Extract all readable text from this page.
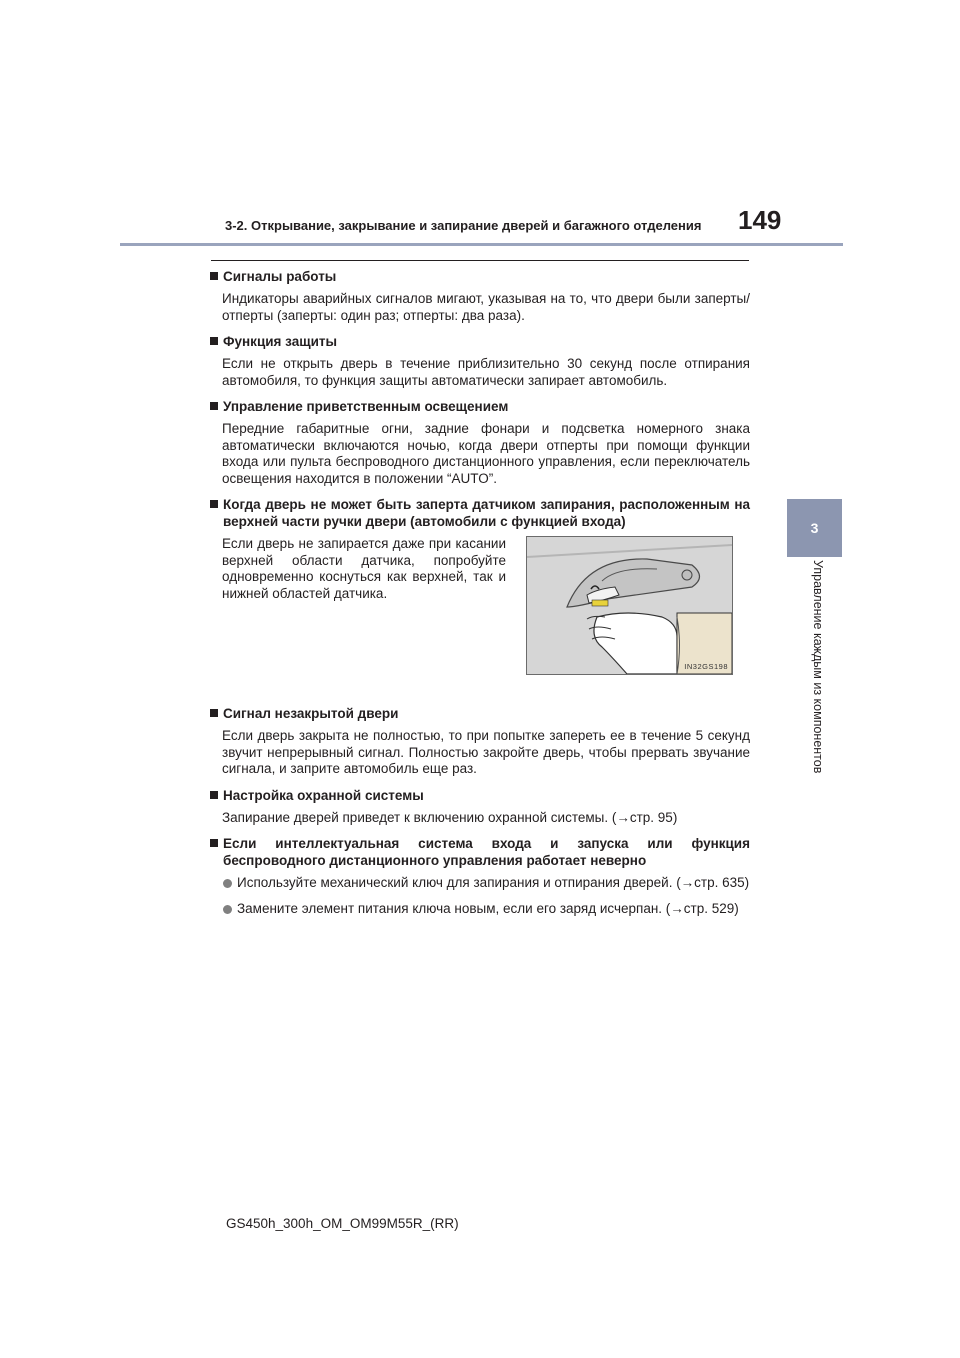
3-2. Открывание, закрывание и запирание дверей и багажного отделения 149
3
Управление каждым из компонентов
Сигналы работы
Индикаторы аварийных сигналов мигают, указывая на то, что двери были заперты/отперты (заперты: один раз; отперты: два раза).
Функция защиты
Если не открыть дверь в течение приблизительно 30 секунд после отпирания автомобиля, то функция защиты автоматически запирает автомобиль.
Управление приветственным освещением
Передние габаритные огни, задние фонари и подсветка номерного знака автоматически включаются ночью, когда двери отперты при помощи функции входа или пульта беспроводного дистанционного управления, если переключатель освещения находится в положении “AUTO”.
Когда дверь не может быть заперта датчиком запирания, расположенным на верхней части ручки двери (автомобили с функцией входа)
Если дверь не запирается даже при касании верхней области датчика, попробуйте одновременно коснуться как верхней, так и нижней областей датчика.
IN32GS198
Сигнал незакрытой двери
Если дверь закрыта не полностью, то при попытке запереть ее в течение 5 секунд звучит непрерывный сигнал. Полностью закройте дверь, чтобы прервать звучание сигнала, и заприте автомобиль еще раз.
Настройка охранной системы
Запирание дверей приведет к включению охранной системы. (→стр. 95)
Если интеллектуальная система входа и запуска или функция беспроводного дистанционного управления работает неверно
Используйте механический ключ для запирания и отпирания дверей. (→стр. 635)
Замените элемент питания ключа новым, если его заряд исчерпан. (→стр. 529)
GS450h_300h_OM_OM99M55R_(RR)
